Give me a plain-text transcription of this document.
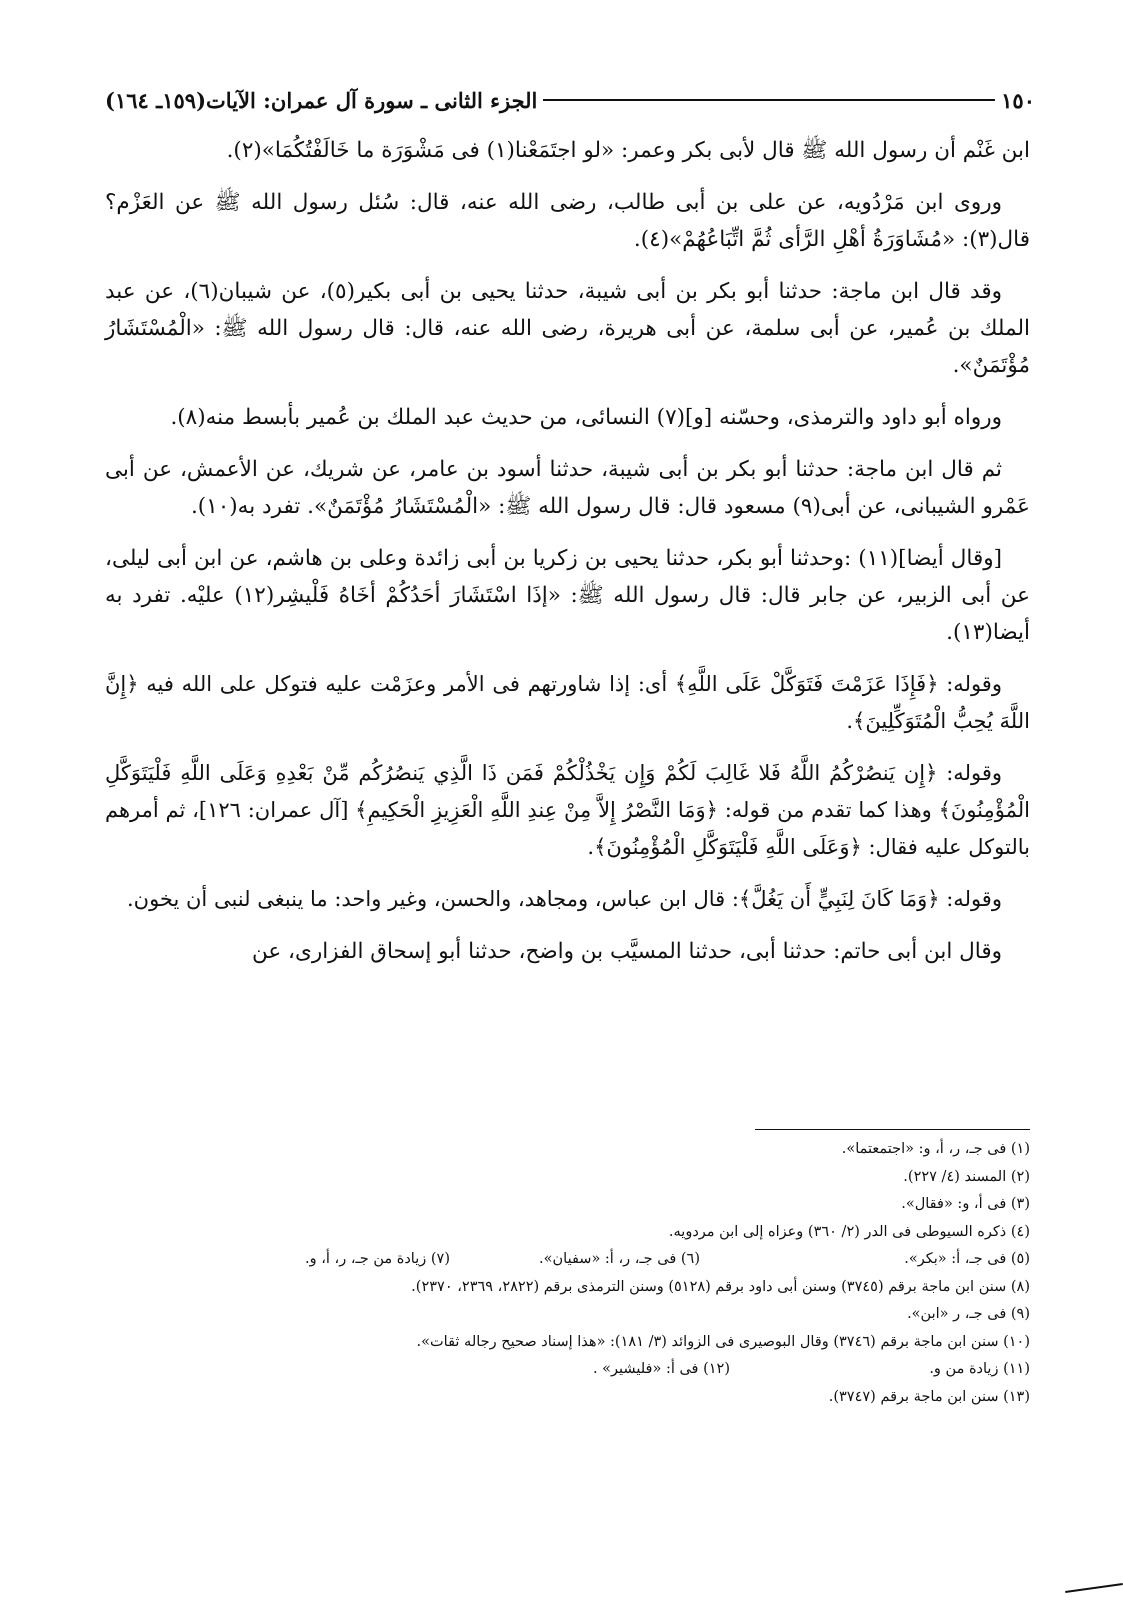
١٥٠
الجزء الثانى ـ سورة آل عمران: الآيات(١٥٩ـ ١٦٤)

ابن غَنْم أن رسول الله ﷺ قال لأبى بكر وعمر: «لو اجتَمَعْنا(١) فى مَشْوَرَة ما خَالَفْتُكُمَا»(٢).

وروى ابن مَرْدُويه، عن على بن أبى طالب، رضى الله عنه، قال: سُئل رسول الله ﷺ عن العَزْم؟ قال(٣): «مُشَاوَرَةُ أهْلِ الرَّأى ثُمَّ اتِّبَاعُهُمْ»(٤).

وقد قال ابن ماجة: حدثنا أبو بكر بن أبى شيبة، حدثنا يحيى بن أبى بكير(٥)، عن شيبان(٦)، عن عبد الملك بن عُمير، عن أبى سلمة، عن أبى هريرة، رضى الله عنه، قال: قال رسول الله ﷺ: «الْمُسْتَشَارُ مُؤْتَمَنٌ».

ورواه أبو داود والترمذى، وحسّنه [و](٧) النسائى، من حديث عبد الملك بن عُمير بأبسط منه(٨).

ثم قال ابن ماجة: حدثنا أبو بكر بن أبى شيبة، حدثنا أسود بن عامر، عن شريك، عن الأعمش، عن أبى عَمْرو الشيبانى، عن أبى(٩) مسعود قال: قال رسول الله ﷺ: «الْمُسْتَشَارُ مُؤْتَمَنٌ». تفرد به(١٠).

[وقال أيضا](١١) :وحدثنا أبو بكر، حدثنا يحيى بن زكريا بن أبى زائدة وعلى بن هاشم، عن ابن أبى ليلى، عن أبى الزبير، عن جابر قال: قال رسول الله ﷺ: «إذَا اسْتَشَارَ أحَدُكُمْ أخَاهُ فَلْيشِر(١٢) عليْه. تفرد به أيضا(١٣).

وقوله: ﴿فَإِذَا عَزَمْتَ فَتَوَكَّلْ عَلَى اللَّهِ﴾ أى: إذا شاورتهم فى الأمر وعزَمْت عليه فتوكل على الله فيه ﴿إِنَّ اللَّهَ يُحِبُّ الْمُتَوَكِّلِينَ﴾.

وقوله: ﴿إِن يَنصُرْكُمُ اللَّهُ فَلا غَالِبَ لَكُمْ وَإِن يَخْذُلْكُمْ فَمَن ذَا الَّذِي يَنصُرُكُم مِّنْ بَعْدِهِ وَعَلَى اللَّهِ فَلْيَتَوَكَّلِ الْمُؤْمِنُونَ﴾ وهذا كما تقدم من قوله: ﴿وَمَا النَّصْرُ إِلاَّ مِنْ عِندِ اللَّهِ الْعَزِيزِ الْحَكِيمِ﴾ [آل عمران: ١٢٦]، ثم أمرهم بالتوكل عليه فقال: ﴿وَعَلَى اللَّهِ فَلْيَتَوَكَّلِ الْمُؤْمِنُونَ﴾.

وقوله: ﴿وَمَا كَانَ لِنَبِيٍّ أَن يَغُلَّ﴾: قال ابن عباس، ومجاهد، والحسن، وغير واحد: ما ينبغى لنبى أن يخون.

وقال ابن أبى حاتم: حدثنا أبى، حدثنا المسيَّب بن واضح، حدثنا أبو إسحاق الفزارى، عن

(١) فى جـ، ر، أ، و: «اجتمعتما».
(٢) المسند (٤/ ٢٢٧).
(٣) فى أ، و: «فقال».
(٤) ذكره السيوطى فى الدر (٢/ ٣٦٠) وعزاه إلى ابن مردويه.
(٥) فى جـ، أ: «بكر».(٦) فى جـ، ر، أ: «سفيان».(٧) زيادة من جـ، ر، أ، و.
(٨) سنن ابن ماجة برقم (٣٧٤٥) وسنن أبى داود برقم (٥١٢٨) وسنن الترمذى برقم (٢٨٢٢، ٢٣٦٩، ٢٣٧٠).
(٩) فى جـ، ر «ابن».
(١٠) سنن ابن ماجة برقم (٣٧٤٦) وقال البوصيرى فى الزوائد (٣/ ١٨١): «هذا إسناد صحيح رجاله ثقات».
(١١) زيادة من و.(١٢) فى أ: «فليشير» .
(١٣) سنن ابن ماجة برقم (٣٧٤٧).
